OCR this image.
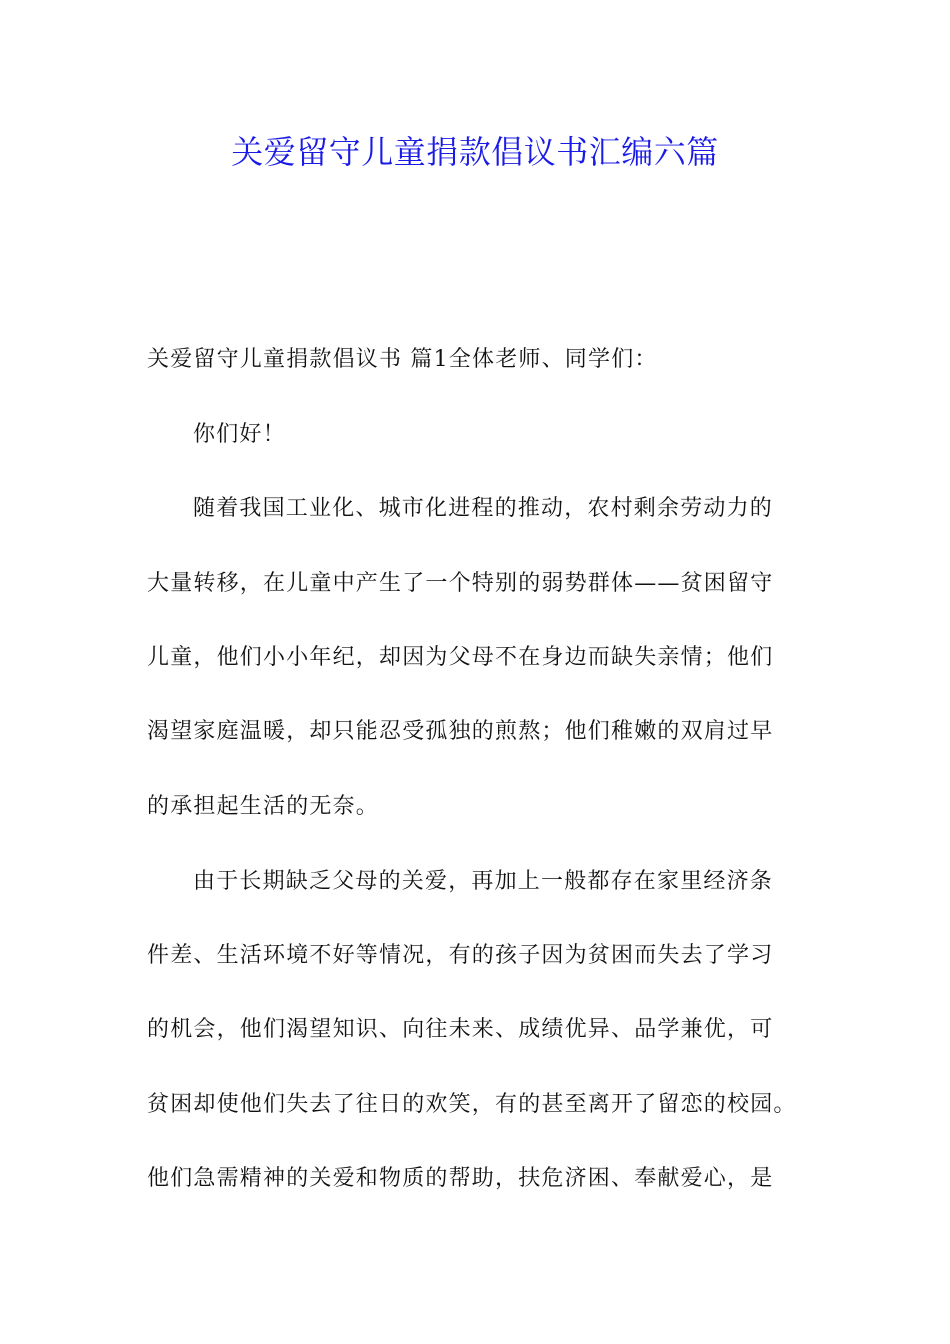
关爱留守儿童捐款倡议书汇编六篇
关爱留守儿童捐款倡议书 篇1全体老师、同学们：
你们好！
随着我国工业化、城市化进程的推动，农村剩余劳动力的
大量转移，在儿童中产生了一个特别的弱势群体——贫困留守
儿童，他们小小年纪，却因为父母不在身边而缺失亲情；他们
渴望家庭温暖，却只能忍受孤独的煎熬；他们稚嫩的双肩过早
的承担起生活的无奈。
由于长期缺乏父母的关爱，再加上一般都存在家里经济条
件差、生活环境不好等情况，有的孩子因为贫困而失去了学习
的机会，他们渴望知识、向往未来、成绩优异、品学兼优，可
贫困却使他们失去了往日的欢笑，有的甚至离开了留恋的校园。
他们急需精神的关爱和物质的帮助，扶危济困、奉献爱心，是
